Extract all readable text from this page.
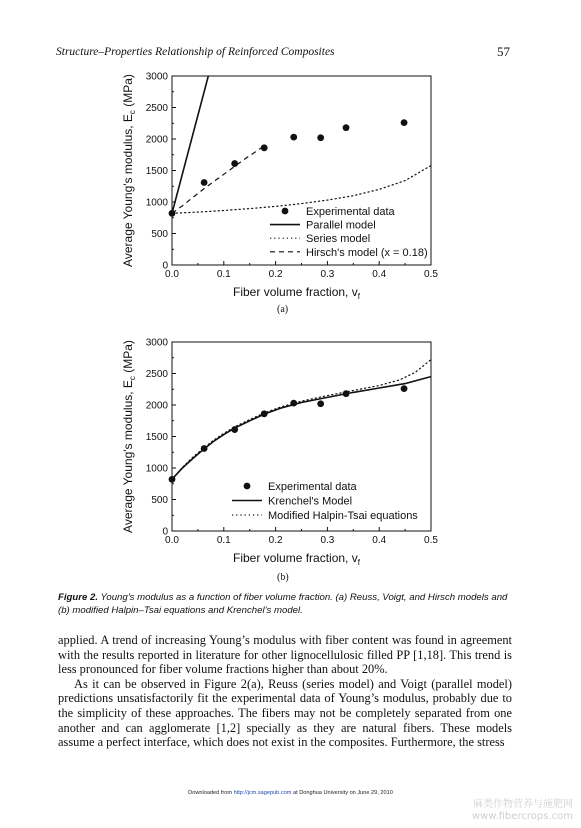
Structure–Properties Relationship of Reinforced Composites	57
0
500
1000
1500
2000
2500
3000
0.0	0.1	0.2	0.3	0.4	0.5
Fiber volume fraction, $v_f$
Average Young's modulus, $E_c$ (MPa)
Experimental data
Parallel model
Series model
Hirsch's model (x = 0.18)
(a)
0
500
1000
1500
2000
2500
3000
0.0	0.1	0.2	0.3	0.4	0.5
Fiber volume fraction, $v_f$
Average Young's modulus, $E_c$ (MPa)
Experimental data
Krenchel's Model
Modified Halpin-Tsai equations
(b)
Figure 2. Young’s modulus as a function of fiber volume fraction. (a) Reuss, Voigt, and Hirsch models and (b) modified Halpin–Tsai equations and Krenchel’s model.

applied. A trend of increasing Young’s modulus with fiber content was found in agreement with the results reported in literature for other lignocellulosic filled PP [1,18]. This trend is less pronounced for fiber volume fractions higher than about 20%.

As it can be observed in Figure 2(a), Reuss (series model) and Voigt (parallel model) predictions unsatisfactorily fit the experimental data of Young’s modulus, probably due to the simplicity of these approaches. The fibers may not be completely separated from one another and can agglomerate [1,2] specially as they are natural fibers. These models assume a perfect interface, which does not exist in the composites. Furthermore, the stress

Downloaded from http://jcm.sagepub.com at Donghua University on June 29, 2010
麻类作物营养与施肥网
www.fibercrops.com
